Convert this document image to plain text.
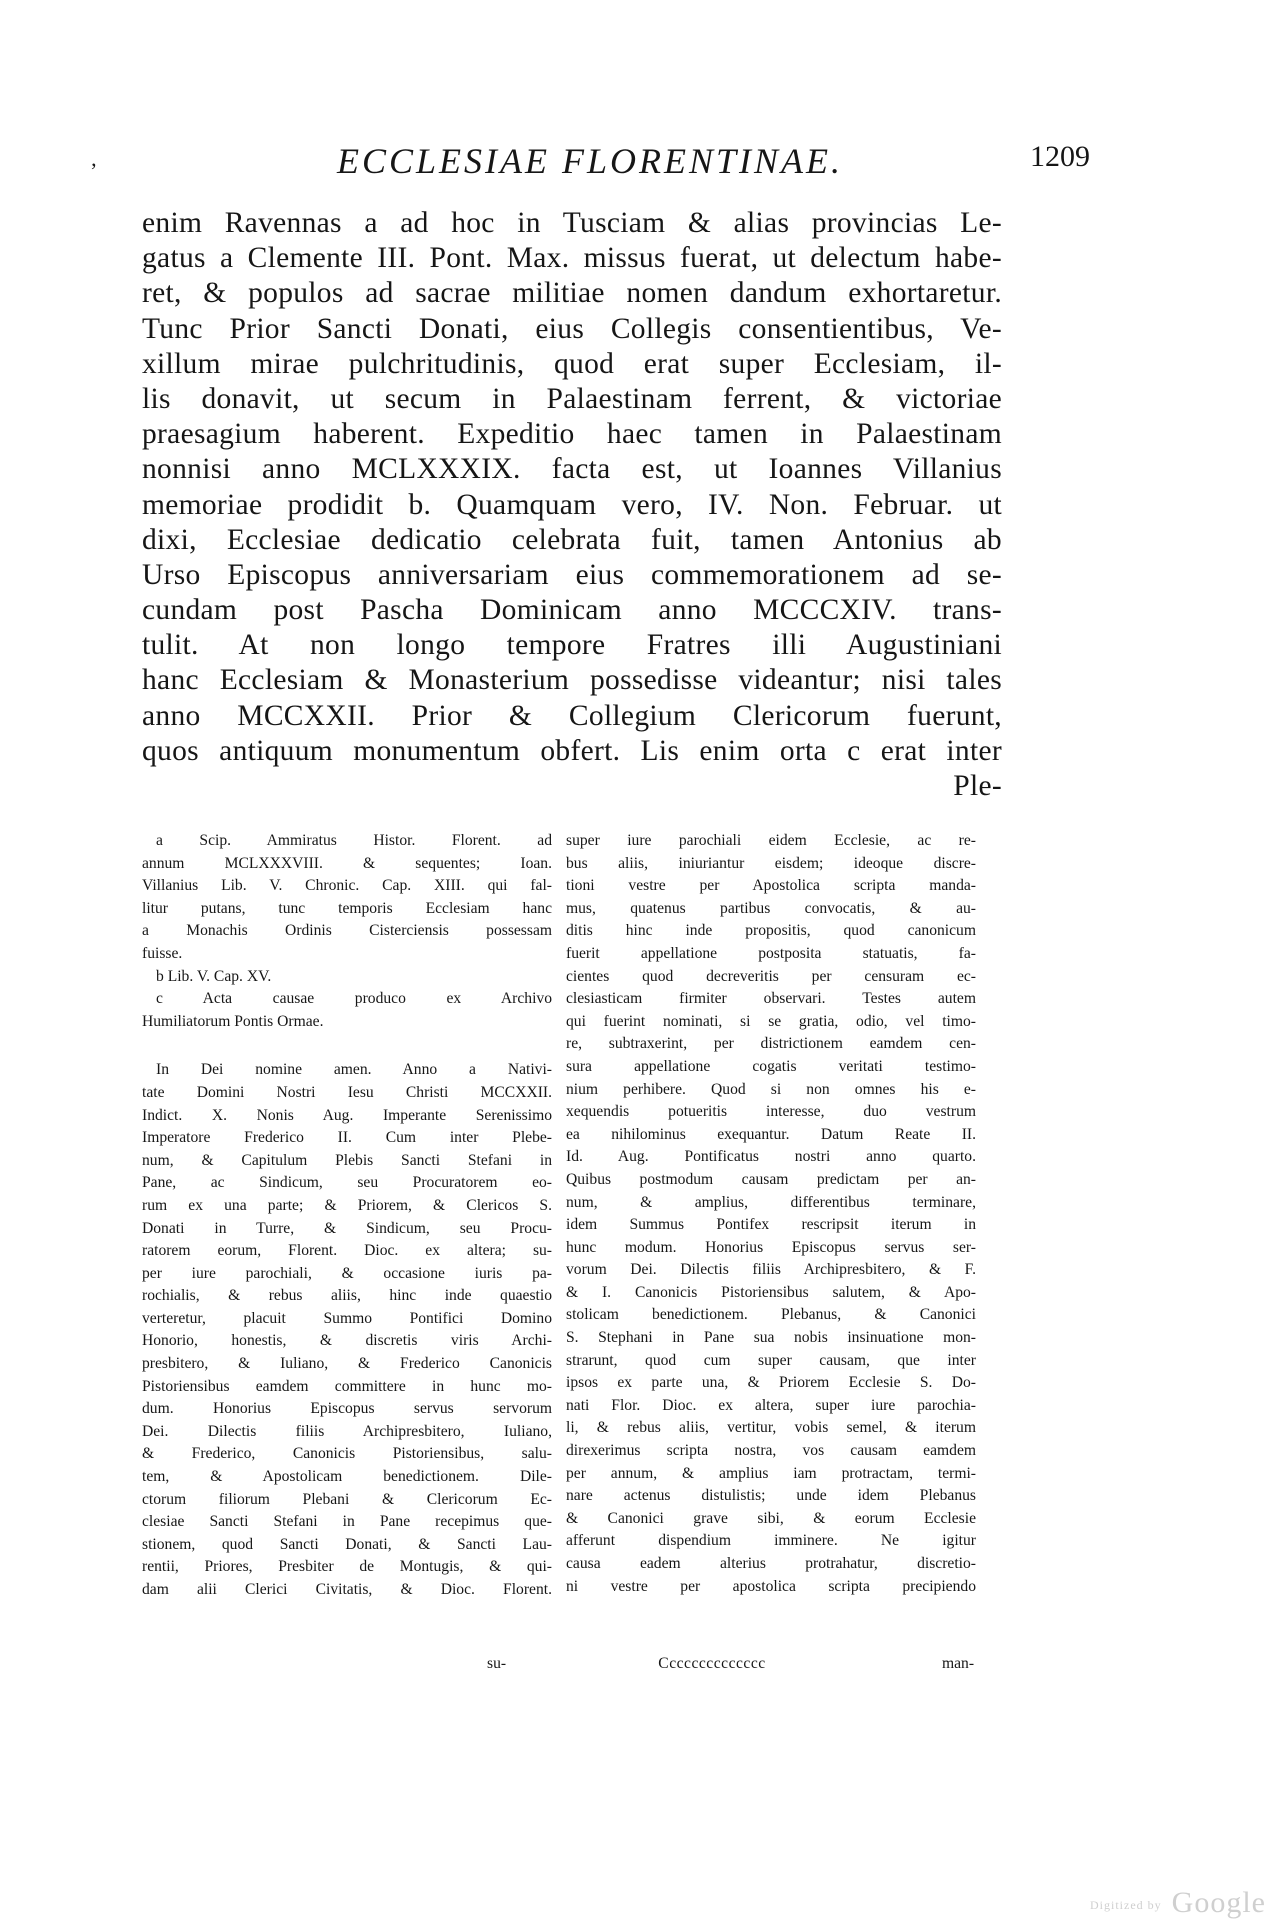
’	ECCLESIAE FLORENTINAE.	1209
enim Ravennas a ad hoc in Tusciam & alias provincias Le-
gatus a Clemente III. Pont. Max. missus fuerat, ut delectum habe-
ret, & populos ad sacrae militiae nomen dandum exhortaretur.
Tunc Prior Sancti Donati, eius Collegis consentientibus, Ve-
xillum mirae pulchritudinis, quod erat super Ecclesiam, il-
lis donavit, ut secum in Palaestinam ferrent, & victoriae
praesagium haberent. Expeditio haec tamen in Palaestinam
nonnisi anno MCLXXXIX. facta est, ut Ioannes Villanius
memoriae prodidit b. Quamquam vero, IV. Non. Februar. ut
dixi, Ecclesiae dedicatio celebrata fuit, tamen Antonius ab
Urso Episcopus anniversariam eius commemorationem ad se-
cundam post Pascha Dominicam anno MCCCXIV. trans-
tulit. At non longo tempore Fratres illi Augustiniani
hanc Ecclesiam & Monasterium possedisse videantur; nisi tales
anno MCCXXII. Prior & Collegium Clericorum fuerunt,
quos antiquum monumentum obfert. Lis enim orta c erat inter
Ple-
a Scip. Ammiratus Histor. Florent. ad
annum MCLXXXVIII. & sequentes; Ioan.
Villanius Lib. V. Chronic. Cap. XIII. qui fal-
litur putans, tunc temporis Ecclesiam hanc
a Monachis Ordinis Cisterciensis possessam
fuisse.
b Lib. V. Cap. XV.
c Acta causae produco ex Archivo
Humiliatorum Pontis Ormae.
In Dei nomine amen. Anno a Nativi-
tate Domini Nostri Iesu Christi MCCXXII.
Indict. X. Nonis Aug. Imperante Serenissimo
Imperatore Frederico II. Cum inter Plebe-
num, & Capitulum Plebis Sancti Stefani in
Pane, ac Sindicum, seu Procuratorem eo-
rum ex una parte; & Priorem, & Clericos S.
Donati in Turre, & Sindicum, seu Procu-
ratorem eorum, Florent. Dioc. ex altera; su-
per iure parochiali, & occasione iuris pa-
rochialis, & rebus aliis, hinc inde quaestio
verteretur, placuit Summo Pontifici Domino
Honorio, honestis, & discretis viris Archi-
presbitero, & Iuliano, & Frederico Canonicis
Pistoriensibus eamdem committere in hunc mo-
dum. Honorius Episcopus servus servorum
Dei. Dilectis filiis Archipresbitero, Iuliano,
& Frederico, Canonicis Pistoriensibus, salu-
tem, & Apostolicam benedictionem. Dile-
ctorum filiorum Plebani & Clericorum Ec-
clesiae Sancti Stefani in Pane recepimus que-
stionem, quod Sancti Donati, & Sancti Lau-
rentii, Priores, Presbiter de Montugis, & qui-
dam alii Clerici Civitatis, & Dioc. Florent.
super iure parochiali eidem Ecclesie, ac re-
bus aliis, iniuriantur eisdem; ideoque discre-
tioni vestre per Apostolica scripta manda-
mus, quatenus partibus convocatis, & au-
ditis hinc inde propositis, quod canonicum
fuerit appellatione postposita statuatis, fa-
cientes quod decreveritis per censuram ec-
clesiasticam firmiter observari. Testes autem
qui fuerint nominati, si se gratia, odio, vel timo-
re, subtraxerint, per districtionem eamdem cen-
sura appellatione cogatis veritati testimo-
nium perhibere. Quod si non omnes his e-
xequendis potueritis interesse, duo vestrum
ea nihilominus exequantur. Datum Reate II.
Id. Aug. Pontificatus nostri anno quarto.
Quibus postmodum causam predictam per an-
num, & amplius, differentibus terminare,
idem Summus Pontifex rescripsit iterum in
hunc modum. Honorius Episcopus servus ser-
vorum Dei. Dilectis filiis Archipresbitero, & F.
& I. Canonicis Pistoriensibus salutem, & Apo-
stolicam benedictionem. Plebanus, & Canonici
S. Stephani in Pane sua nobis insinuatione mon-
strarunt, quod cum super causam, que inter
ipsos ex parte una, & Priorem Ecclesie S. Do-
nati Flor. Dioc. ex altera, super iure parochia-
li, & rebus aliis, vertitur, vobis semel, & iterum
direxerimus scripta nostra, vos causam eamdem
per annum, & amplius iam protractam, termi-
nare actenus distulistis; unde idem Plebanus
& Canonici grave sibi, & eorum Ecclesie
afferunt dispendium imminere. Ne igitur
causa eadem alterius protrahatur, discretio-
ni vestre per apostolica scripta precipiendo
su-	Cccccccccccccc	man-
Digitized by Google
